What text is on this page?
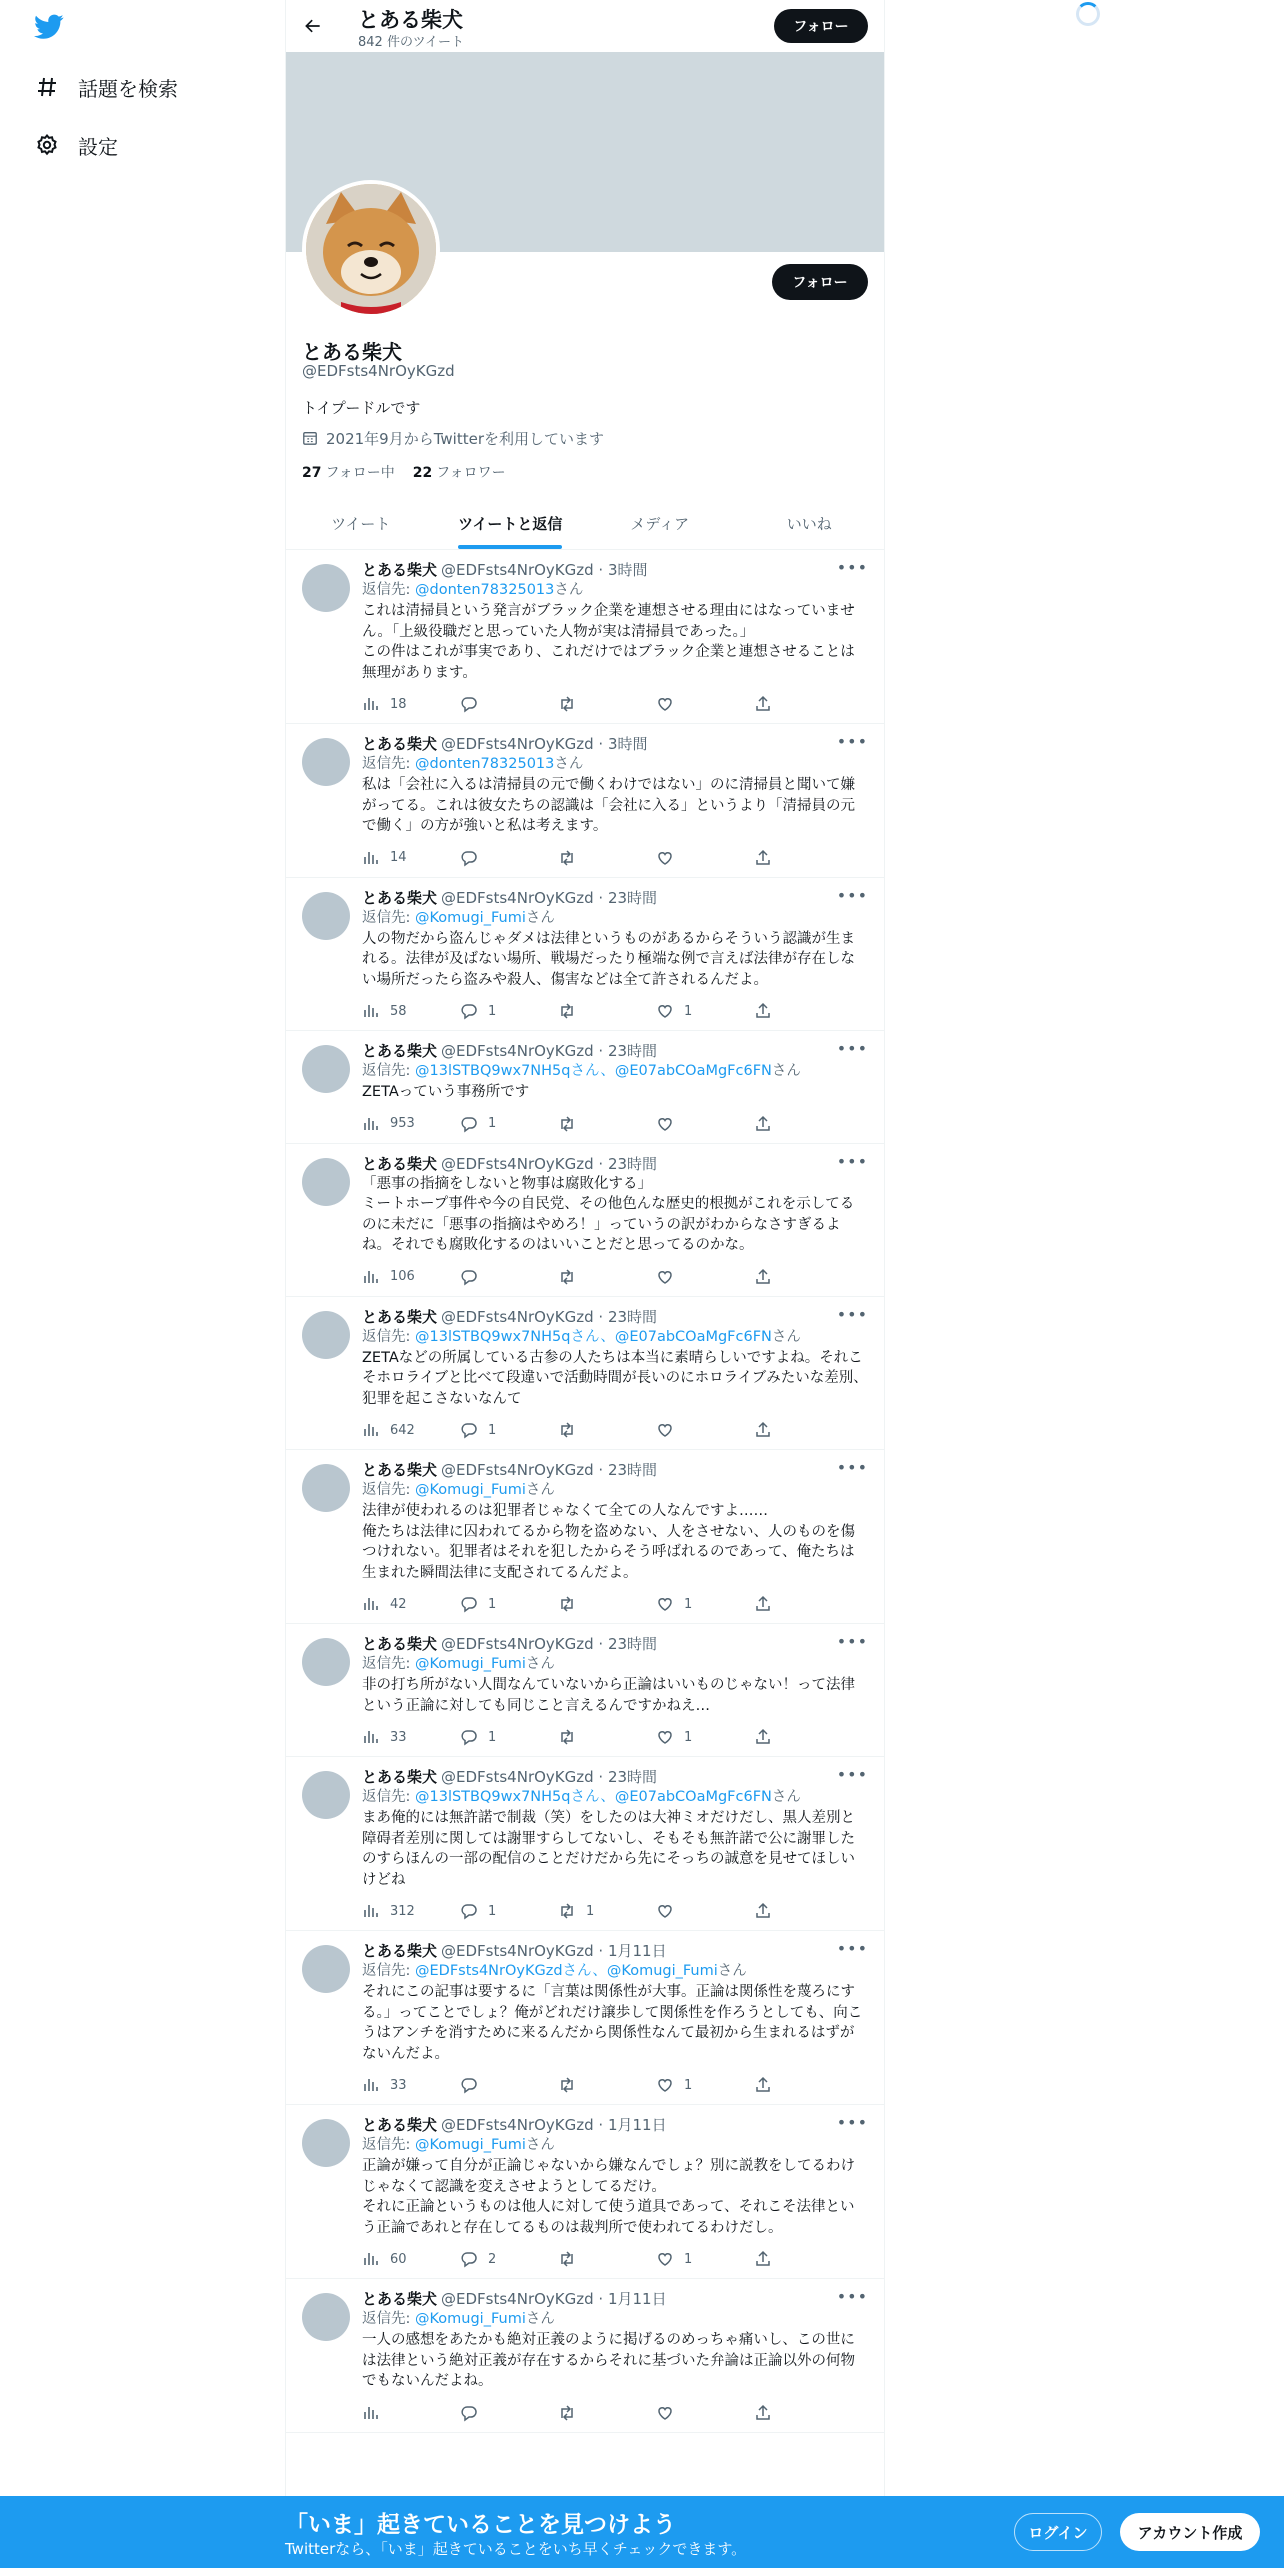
話題を検索
設定
とある柴犬
842 件のツイート
フォロー
フォロー
とある柴犬
@EDFsts4NrOyKGzd
トイプードルです
2021年9月からTwitterを利用しています
27 フォロー中 22 フォロワー
ツイート	ツイートと返信	メディア	いいね
•••
とある柴犬 @EDFsts4NrOyKGzd · 3時間
返信先: @donten78325013さん
これは清掃員という発言がブラック企業を連想させる理由にはなっていません。「上級役職だと思っていた人物が実は清掃員であった。」
この件はこれが事実であり、これだけではブラック企業と連想させることは無理があります。
18
•••
とある柴犬 @EDFsts4NrOyKGzd · 3時間
返信先: @donten78325013さん
私は「会社に入るは清掃員の元で働くわけではない」のに清掃員と聞いて嫌がってる。これは彼女たちの認識は「会社に入る」というより「清掃員の元で働く」の方が強いと私は考えます。
14
•••
とある柴犬 @EDFsts4NrOyKGzd · 23時間
返信先: @Komugi_Fumiさん
人の物だから盗んじゃダメは法律というものがあるからそういう認識が生まれる。法律が及ばない場所、戦場だったり極端な例で言えば法律が存在しない場所だったら盗みや殺人、傷害などは全て許されるんだよ。
58	1	1
•••
とある柴犬 @EDFsts4NrOyKGzd · 23時間
返信先: @13lSTBQ9wx7NH5qさん、@E07abCOaMgFc6FNさん
ZETAっていう事務所です
953	1
•••
とある柴犬 @EDFsts4NrOyKGzd · 23時間
「悪事の指摘をしないと物事は腐敗化する」
ミートホープ事件や今の自民党、その他色んな歴史的根拠がこれを示してるのに未だに「悪事の指摘はやめろ！」っていうの訳がわからなさすぎるよね。それでも腐敗化するのはいいことだと思ってるのかな。
106
•••
とある柴犬 @EDFsts4NrOyKGzd · 23時間
返信先: @13lSTBQ9wx7NH5qさん、@E07abCOaMgFc6FNさん
ZETAなどの所属している古参の人たちは本当に素晴らしいですよね。それこそホロライブと比べて段違いで活動時間が長いのにホロライブみたいな差別、犯罪を起こさないなんて
642	1
•••
とある柴犬 @EDFsts4NrOyKGzd · 23時間
返信先: @Komugi_Fumiさん
法律が使われるのは犯罪者じゃなくて全ての人なんですよ……
俺たちは法律に囚われてるから物を盗めない、人をさせない、人のものを傷つけれない。犯罪者はそれを犯したからそう呼ばれるのであって、俺たちは生まれた瞬間法律に支配されてるんだよ。
42	1	1
•••
とある柴犬 @EDFsts4NrOyKGzd · 23時間
返信先: @Komugi_Fumiさん
非の打ち所がない人間なんていないから正論はいいものじゃない！って法律という正論に対しても同じこと言えるんですかねえ…
33	1	1
•••
とある柴犬 @EDFsts4NrOyKGzd · 23時間
返信先: @13lSTBQ9wx7NH5qさん、@E07abCOaMgFc6FNさん
まあ俺的には無許諾で制裁（笑）をしたのは大神ミオだけだし、黒人差別と障碍者差別に関しては謝罪すらしてないし、そもそも無許諾で公に謝罪したのすらほんの一部の配信のことだけだから先にそっちの誠意を見せてほしいけどね
312	1	1
•••
とある柴犬 @EDFsts4NrOyKGzd · 1月11日
返信先: @EDFsts4NrOyKGzdさん、@Komugi_Fumiさん
それにこの記事は要するに「言葉は関係性が大事。正論は関係性を蔑ろにする。」ってことでしょ？俺がどれだけ譲歩して関係性を作ろうとしても、向こうはアンチを消すために来るんだから関係性なんて最初から生まれるはずがないんだよ。
33	1
•••
とある柴犬 @EDFsts4NrOyKGzd · 1月11日
返信先: @Komugi_Fumiさん
正論が嫌って自分が正論じゃないから嫌なんでしょ？別に説教をしてるわけじゃなくて認識を変えさせようとしてるだけ。
それに正論というものは他人に対して使う道具であって、それこそ法律という正論であれと存在してるものは裁判所で使われてるわけだし。
60	2	1
•••
とある柴犬 @EDFsts4NrOyKGzd · 1月11日
返信先: @Komugi_Fumiさん
一人の感想をあたかも絶対正義のように掲げるのめっちゃ痛いし、この世には法律という絶対正義が存在するからそれに基づいた弁論は正論以外の何物でもないんだよね。
「いま」起きていることを見つけよう
Twitterなら、「いま」起きていることをいち早くチェックできます。
ログイン	アカウント作成
